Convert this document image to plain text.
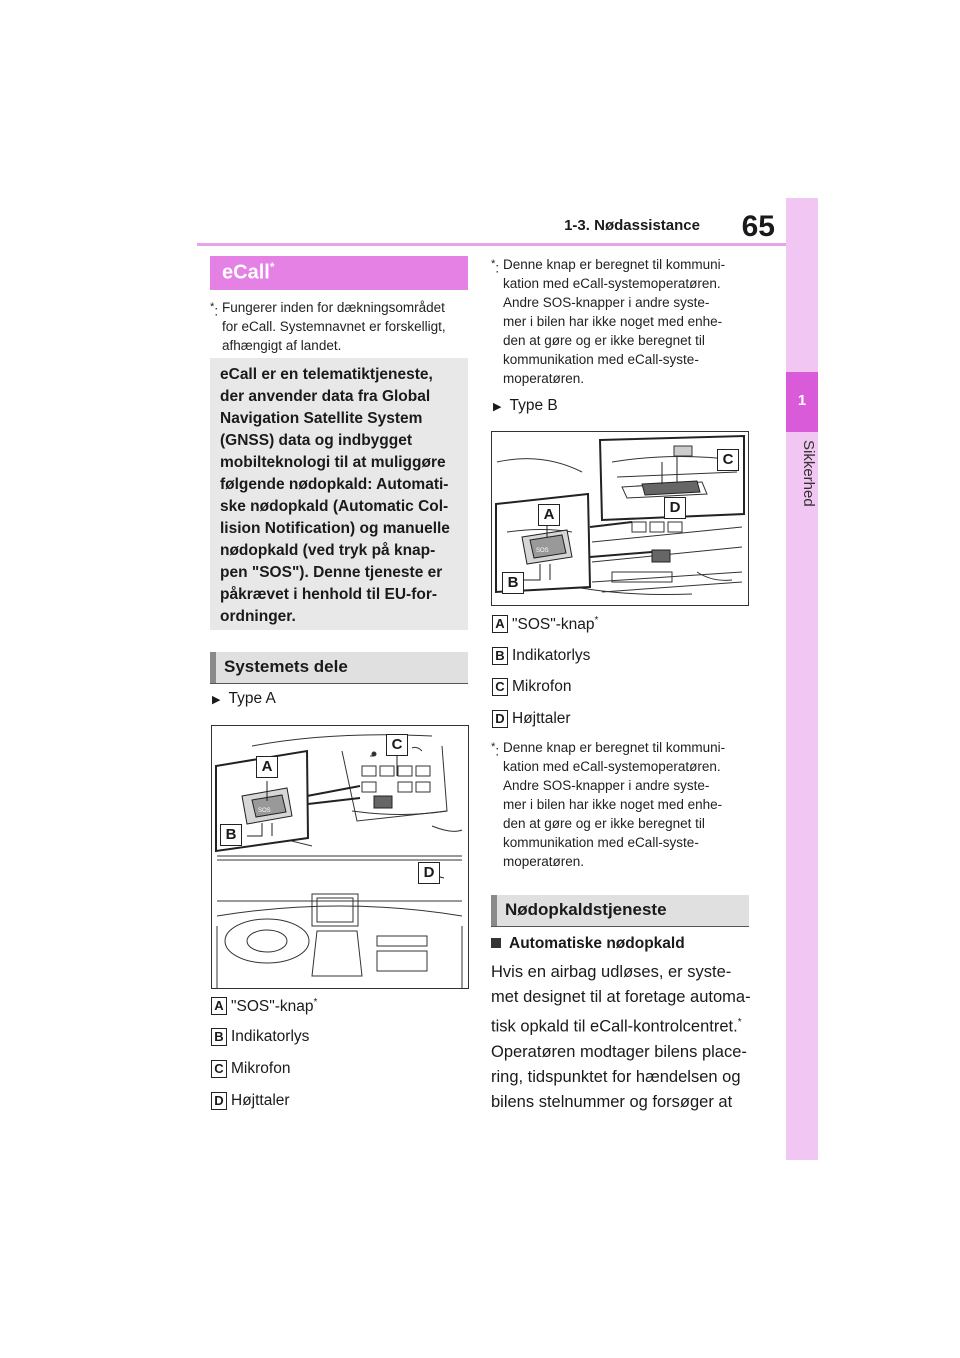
65
1-3. Nødassistance
1
Sikkerhed
eCall*
*: Fungerer inden for dækningsområdet
for eCall. Systemnavnet er forskelligt,
afhængigt af landet.
eCall er en telematiktjeneste,
der anvender data fra Global
Navigation Satellite System
(GNSS) data og indbygget
mobilteknologi til at muliggøre
følgende nødopkald: Automati-
ske nødopkald (Automatic Col-
lision Notification) og manuelle
nødopkald (ved tryk på knap-
pen "SOS"). Denne tjeneste er
påkrævet i henhold til EU-for-
ordninger.
Systemets dele
▶ Type A
SOS
A
B
C
D
A "SOS"-knap*
B Indikatorlys
C Mikrofon
D Højttaler
*: Denne knap er beregnet til kommuni-
kation med eCall-systemoperatøren.
Andre SOS-knapper i andre syste-
mer i bilen har ikke noget med enhe-
den at gøre og er ikke beregnet til
kommunikation med eCall-syste-
moperatøren.
▶ Type B
SOS
C
D
A
B
A "SOS"-knap*
B Indikatorlys
C Mikrofon
D Højttaler
*: Denne knap er beregnet til kommuni-
kation med eCall-systemoperatøren.
Andre SOS-knapper i andre syste-
mer i bilen har ikke noget med enhe-
den at gøre og er ikke beregnet til
kommunikation med eCall-syste-
moperatøren.
Nødopkaldstjeneste
Automatiske nødopkald
Hvis en airbag udløses, er syste-
met designet til at foretage automa-
tisk opkald til eCall-kontrolcentret.*
Operatøren modtager bilens place-
ring, tidspunktet for hændelsen og
bilens stelnummer og forsøger at
